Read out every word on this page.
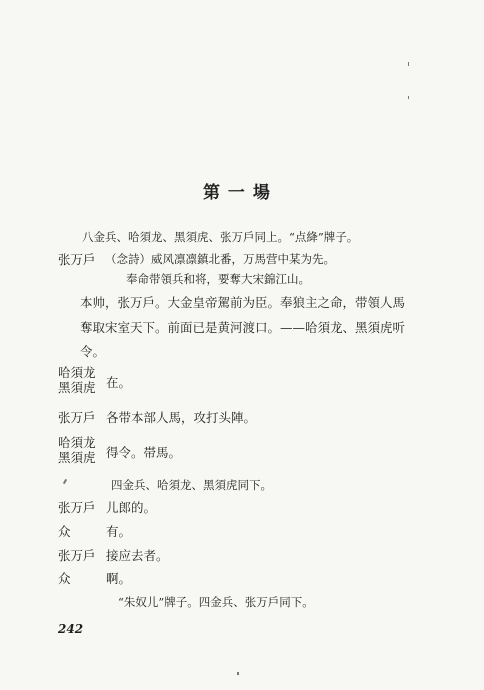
第 一 場
八金兵、哈須龙、黑須虎、张万戶同上。“点絳”牌子。
张万戶 （念詩）威风凛凛鎮北番，万馬营中某为先。
奉命带領兵和将，要奪大宋錦江山。
本帅，张万戶。大金皇帝駕前为臣。奉狼主之命，带領人馬
奪取宋室天下。前面已是黄河渡口。——哈須龙、黑須虎听
令。
哈須龙
黑須虎 在。
张万戶 各带本部人馬，攻打头陣。
哈須龙
黑須虎 得令。帯馬。
四金兵、哈須龙、黑須虎同下。
张万戶 儿郎的。
众	有。
张万戶 接应去者。
众	啊。
“朱奴儿”牌子。四金兵、张万戶同下。
242
